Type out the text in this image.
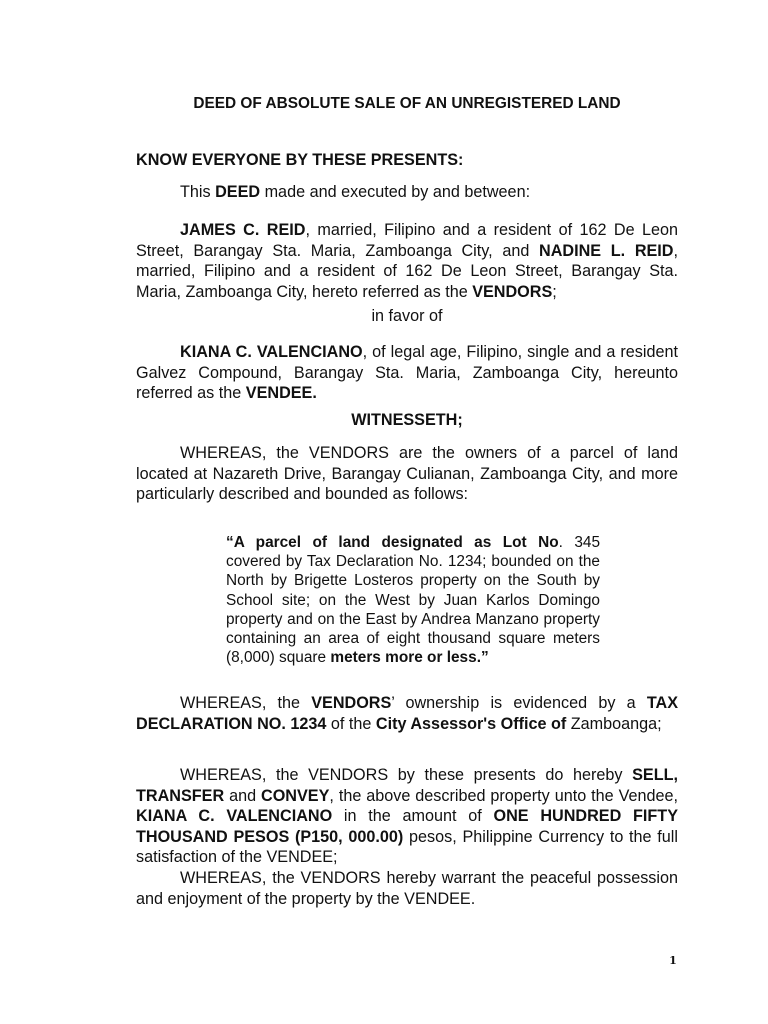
DEED OF ABSOLUTE SALE OF AN UNREGISTERED LAND

KNOW EVERYONE BY THESE PRESENTS:

This DEED made and executed by and between:

JAMES C. REID, married, Filipino and a resident of 162 De Leon Street, Barangay Sta. Maria, Zamboanga City, and NADINE L. REID, married, Filipino and a resident of 162 De Leon Street, Barangay Sta. Maria, Zamboanga City, hereto referred as the VENDORS;

in favor of

KIANA C. VALENCIANO, of legal age, Filipino, single and a resident Galvez Compound, Barangay Sta. Maria, Zamboanga City, hereunto referred as the VENDEE.

WITNESSETH;

WHEREAS, the VENDORS are the owners of a parcel of land located at Nazareth Drive, Barangay Culianan, Zamboanga City, and more particularly described and bounded as follows:

“A parcel of land designated as Lot No. 345 covered by Tax Declaration No. 1234; bounded on the North by Brigette Losteros property on the South by School site; on the West by Juan Karlos Domingo property and on the East by Andrea Manzano property containing an area of eight thousand square meters (8,000) square meters more or less.”

WHEREAS, the VENDORS’ ownership is evidenced by a TAX DECLARATION NO. 1234 of the City Assessor's Office of Zamboanga;

WHEREAS, the VENDORS by these presents do hereby SELL, TRANSFER and CONVEY, the above described property unto the Vendee, KIANA C. VALENCIANO in the amount of ONE HUNDRED FIFTY THOUSAND PESOS (P150, 000.00) pesos, Philippine Currency to the full satisfaction of the VENDEE;

WHEREAS, the VENDORS hereby warrant the peaceful possession and enjoyment of the property by the VENDEE.

1
